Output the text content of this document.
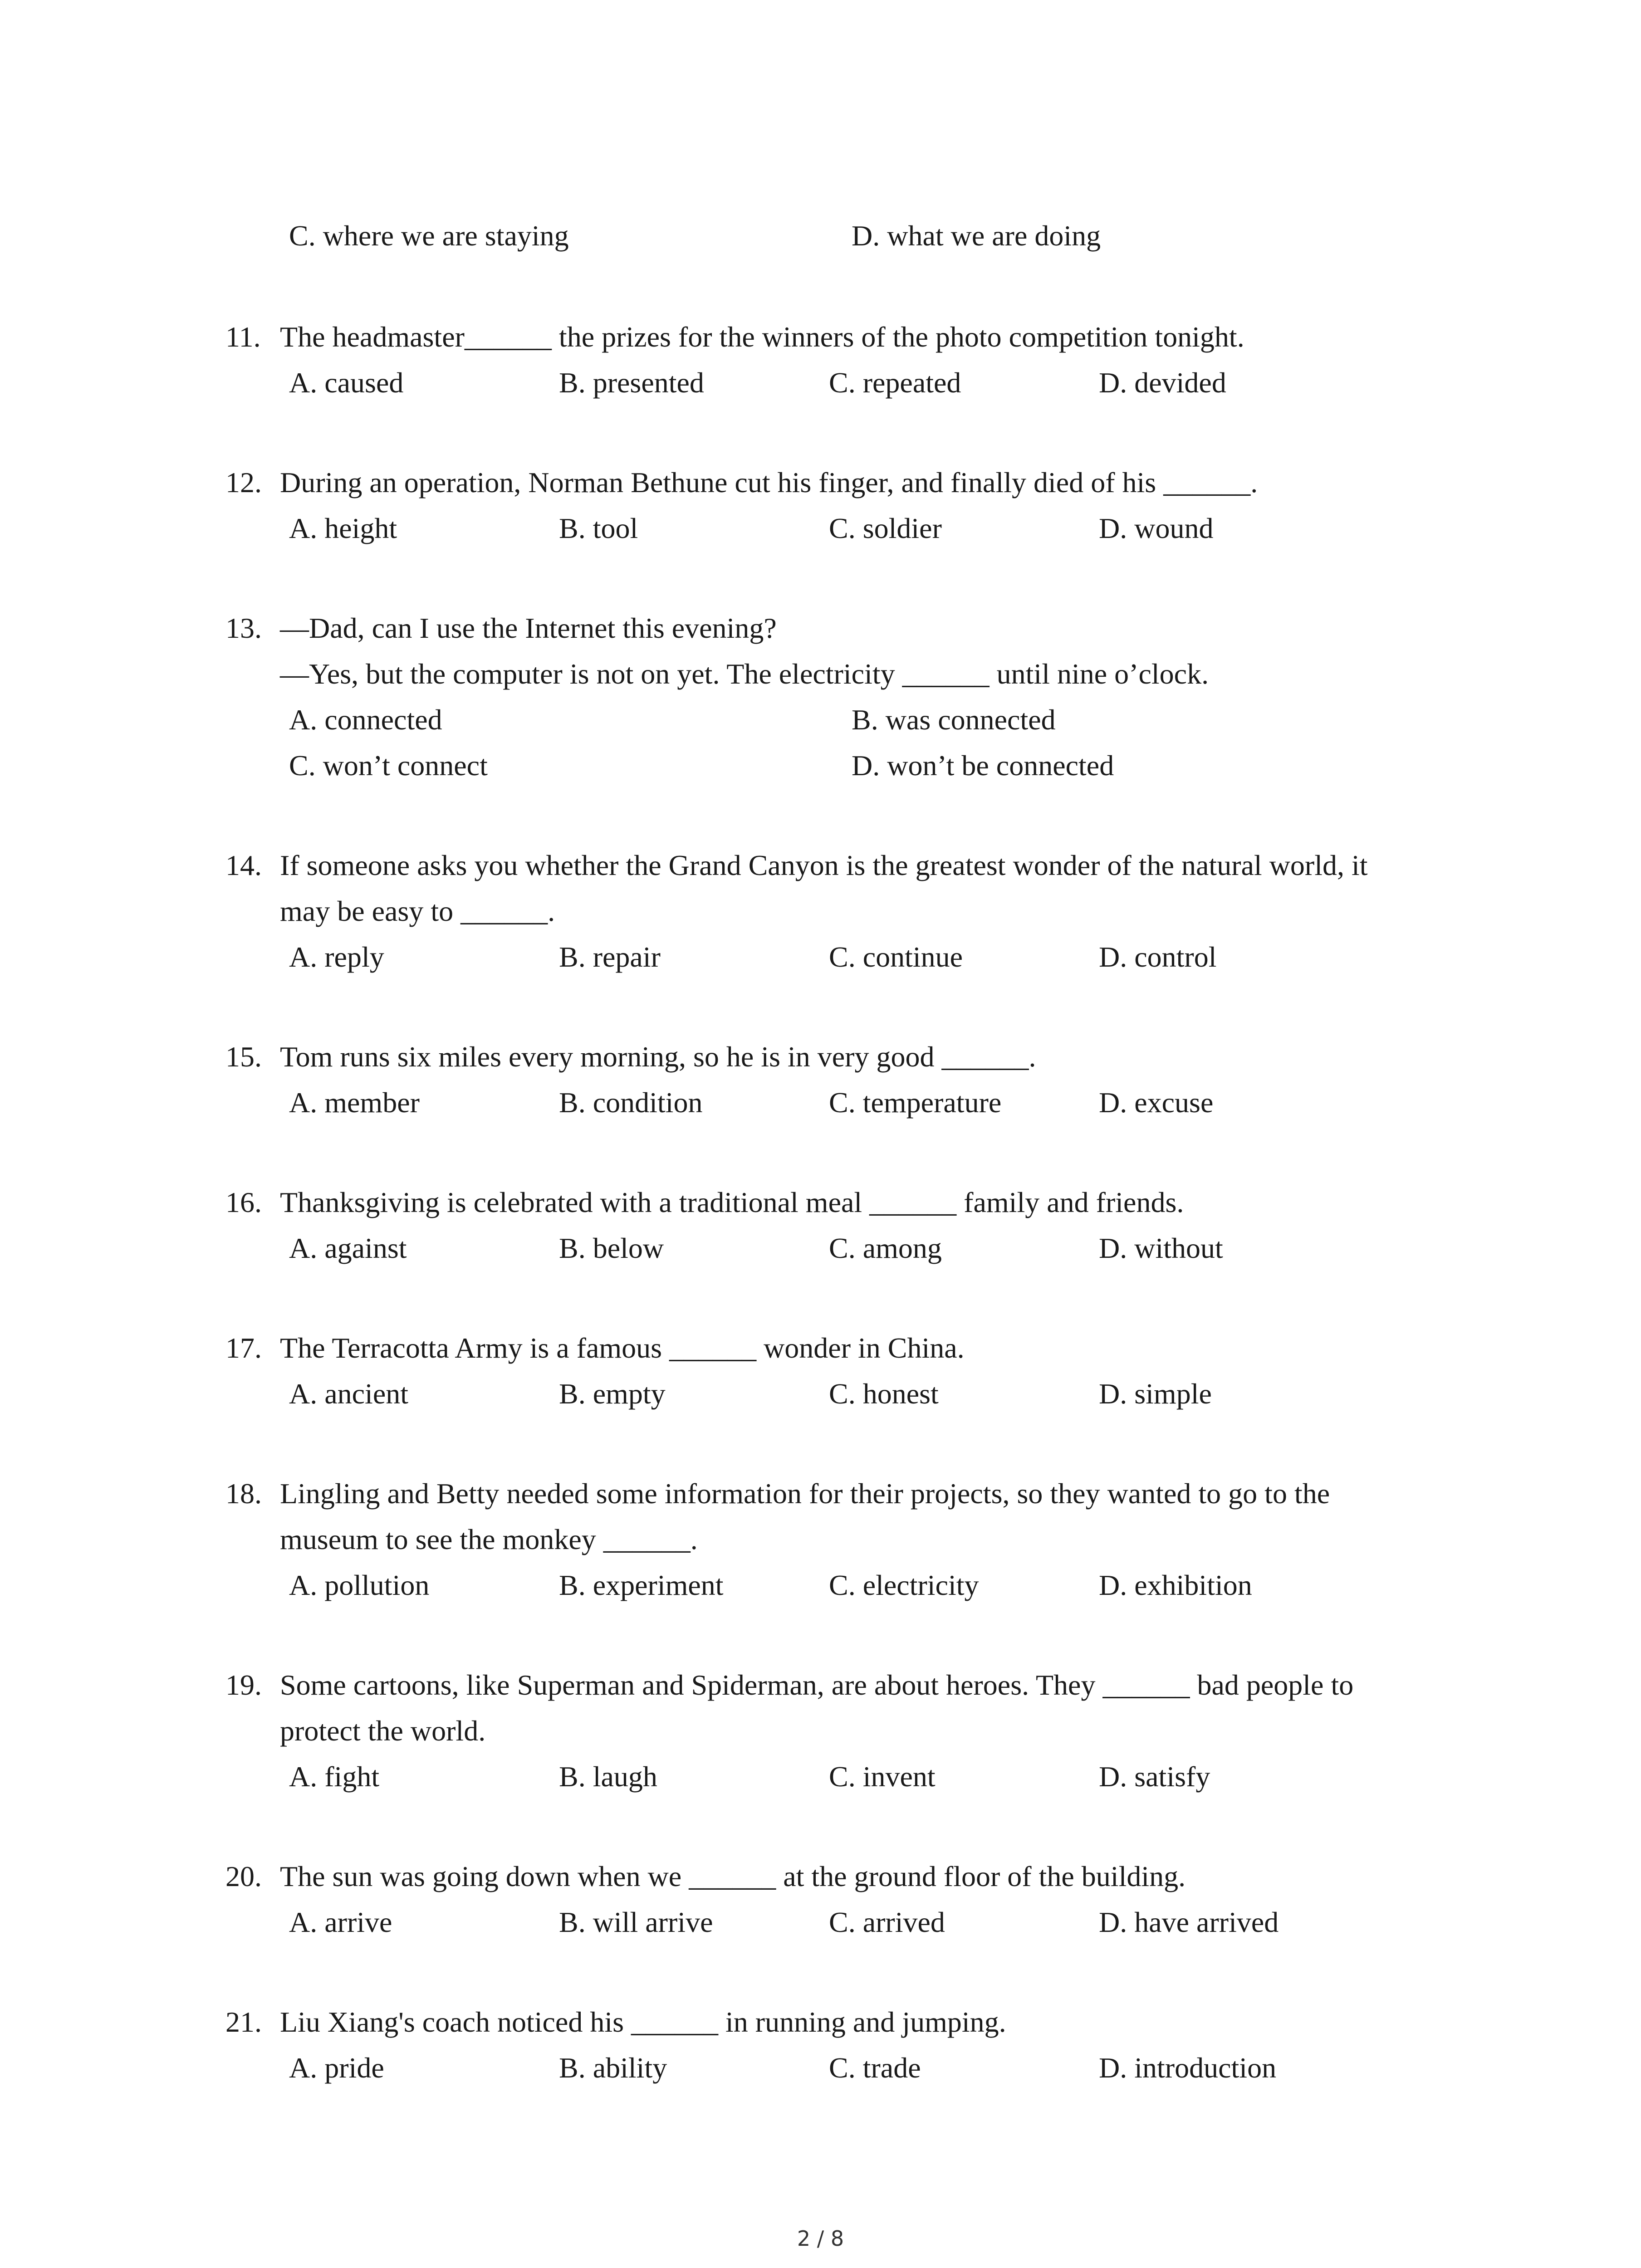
C. where we are staying	D. what we are doing
11. The headmaster______ the prizes for the winners of the photo competition tonight.
A. caused	B. presented	C. repeated	D. devided
12. During an operation, Norman Bethune cut his finger, and finally died of his ______.
A. height	B. tool	C. soldier	D. wound
13. —Dad, can I use the Internet this evening?
—Yes, but the computer is not on yet. The electricity ______ until nine o’clock.
A. connected	B. was connected
C. won’t connect	D. won’t be connected
14. If someone asks you whether the Grand Canyon is the greatest wonder of the natural world, it
may be easy to ______.
A. reply	B. repair	C. continue	D. control
15. Tom runs six miles every morning, so he is in very good ______.
A. member	B. condition	C. temperature	D. excuse
16. Thanksgiving is celebrated with a traditional meal ______ family and friends.
A. against	B. below	C. among	D. without
17. The Terracotta Army is a famous ______ wonder in China.
A. ancient	B. empty	C. honest	D. simple
18. Lingling and Betty needed some information for their projects, so they wanted to go to the
museum to see the monkey ______.
A. pollution	B. experiment	C. electricity	D. exhibition
19. Some cartoons, like Superman and Spiderman, are about heroes. They ______ bad people to
protect the world.
A. fight	B. laugh	C. invent	D. satisfy
20. The sun was going down when we ______ at the ground floor of the building.
A. arrive	B. will arrive	C. arrived	D. have arrived
21. Liu Xiang's coach noticed his ______ in running and jumping.
A. pride	B. ability	C. trade	D. introduction
2 / 8
